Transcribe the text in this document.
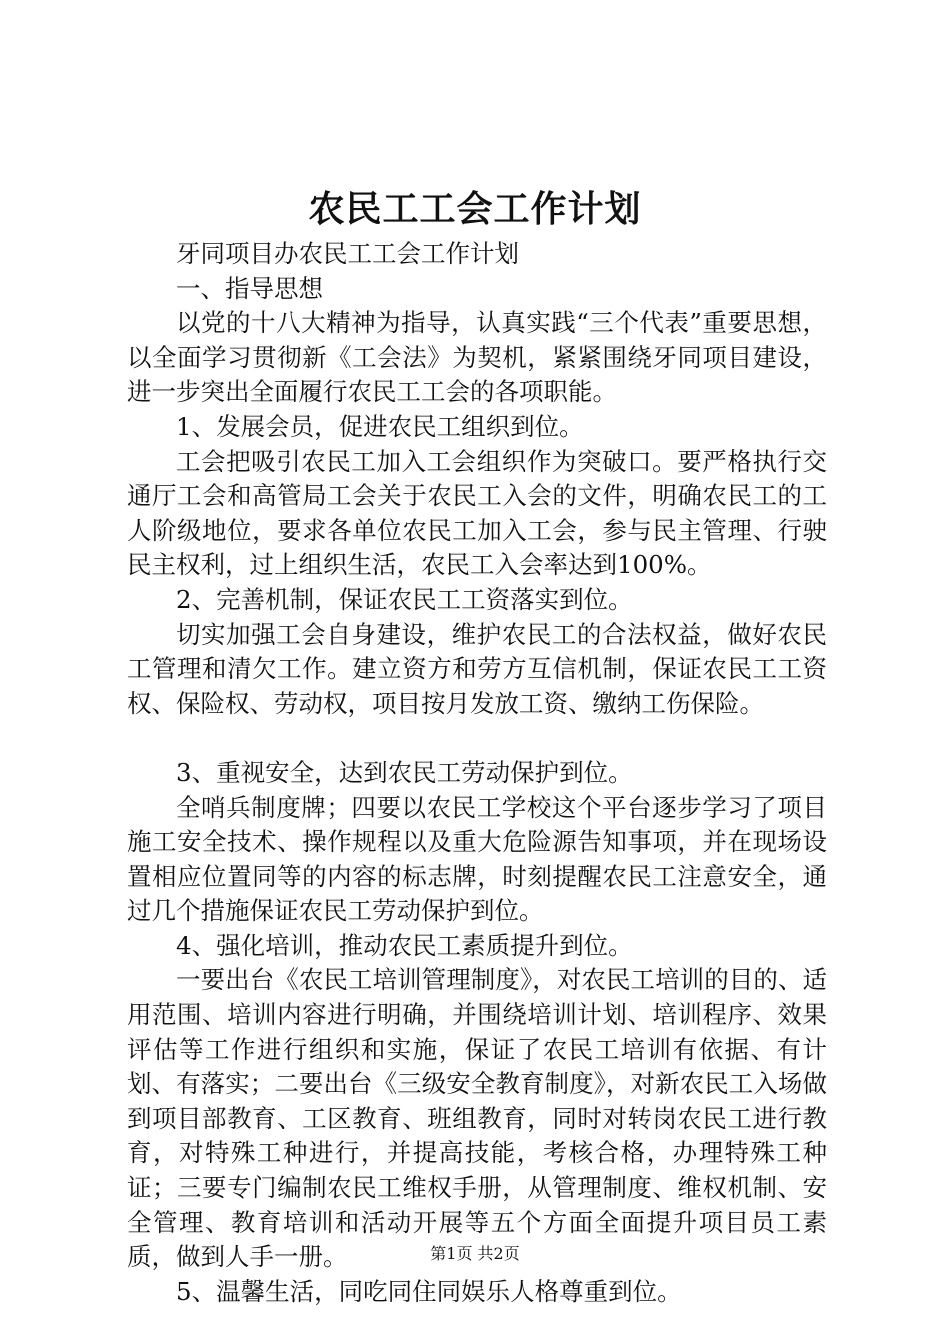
农民工工会工作计划

牙同项目办农民工工会工作计划

一、指导思想

以党的十八大精神为指导，认真实践“三个代表”重要思想，以全面学习贯彻新《工会法》为契机，紧紧围绕牙同项目建设，进一步突出全面履行农民工工会的各项职能。

1、发展会员，促进农民工组织到位。

工会把吸引农民工加入工会组织作为突破口。要严格执行交通厅工会和高管局工会关于农民工入会的文件，明确农民工的工人阶级地位，要求各单位农民工加入工会，参与民主管理、行驶民主权利，过上组织生活，农民工入会率达到100%。

2、完善机制，保证农民工工资落实到位。

切实加强工会自身建设，维护农民工的合法权益，做好农民工管理和清欠工作。建立资方和劳方互信机制，保证农民工工资权、保险权、劳动权，项目按月发放工资、缴纳工伤保险。

3、重视安全，达到农民工劳动保护到位。

全哨兵制度牌；四要以农民工学校这个平台逐步学习了项目施工安全技术、操作规程以及重大危险源告知事项，并在现场设置相应位置同等的内容的标志牌，时刻提醒农民工注意安全，通过几个措施保证农民工劳动保护到位。

4、强化培训，推动农民工素质提升到位。

一要出台《农民工培训管理制度》，对农民工培训的目的、适用范围、培训内容进行明确，并围绕培训计划、培训程序、效果评估等工作进行组织和实施，保证了农民工培训有依据、有计划、有落实；二要出台《三级安全教育制度》，对新农民工入场做到项目部教育、工区教育、班组教育，同时对转岗农民工进行教育，对特殊工种进行，并提高技能，考核合格，办理特殊工种证；三要专门编制农民工维权手册，从管理制度、维权机制、安全管理、教育培训和活动开展等五个方面全面提升项目员工素质，做到人手一册。

5、温馨生活，同吃同住同娱乐人格尊重到位。

第1页 共2页
